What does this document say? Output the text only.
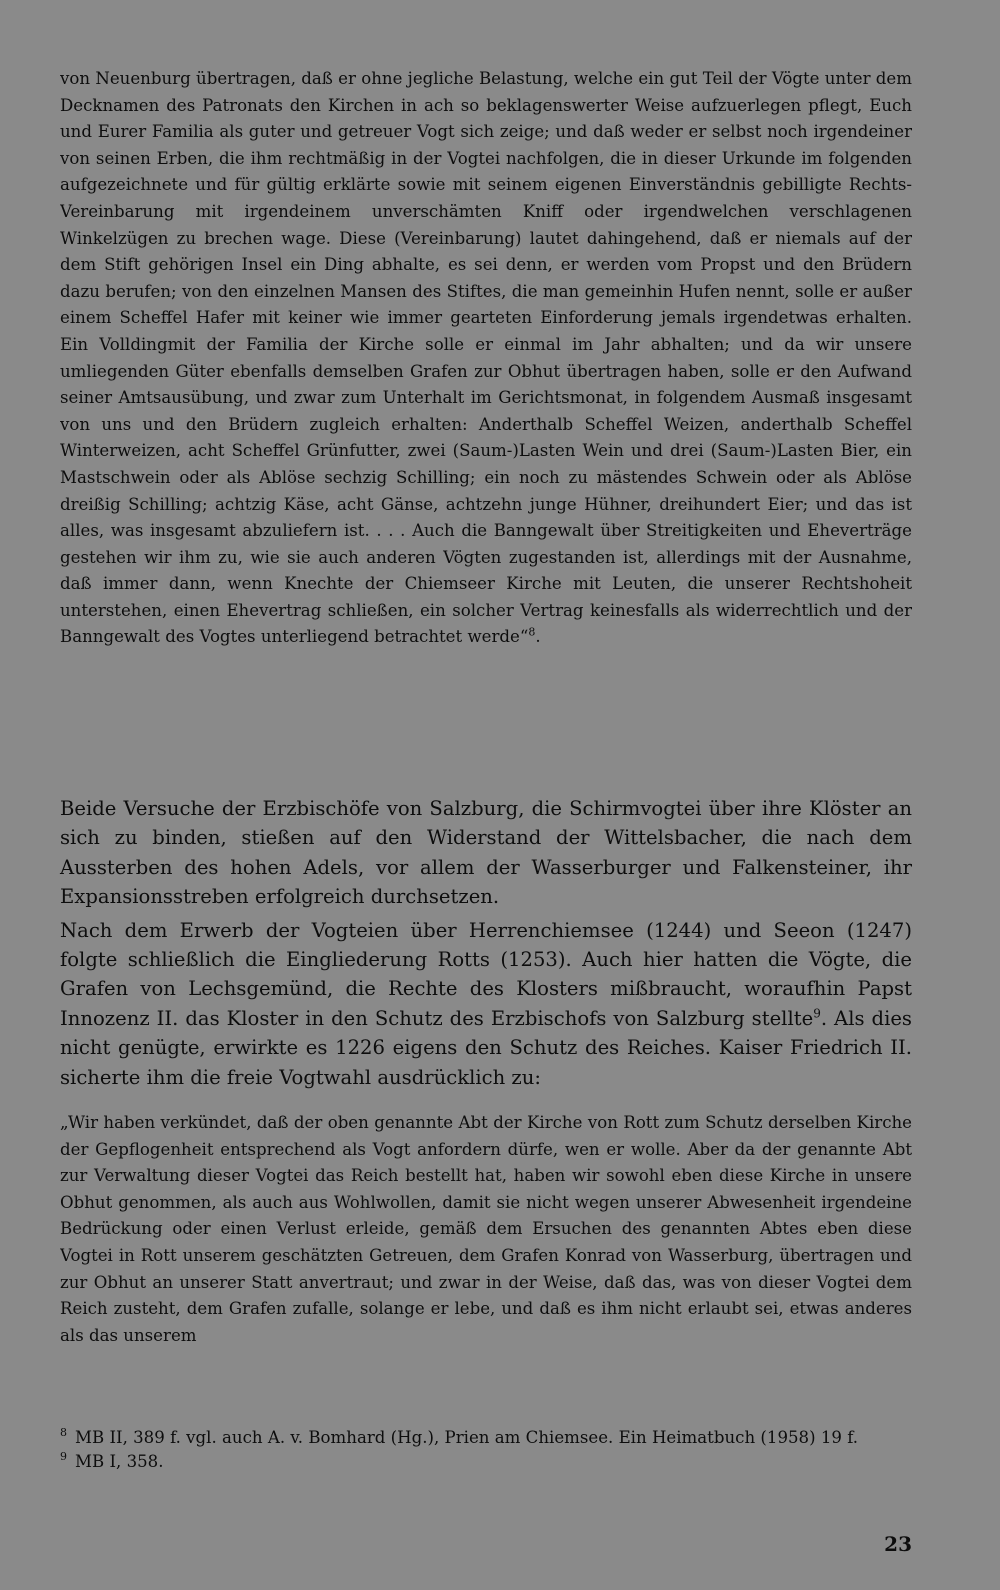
von Neuenburg übertragen, daß er ohne jegliche Belastung, welche ein gut Teil der Vögte unter dem Decknamen des Patronats den Kirchen in ach so beklagenswerter Weise aufzuerlegen pflegt, Euch und Eurer Familia als guter und getreuer Vogt sich zeige; und daß weder er selbst noch irgendeiner von seinen Erben, die ihm rechtmäßig in der Vogtei nachfolgen, die in dieser Urkunde im folgenden aufgezeichnete und für gültig erklärte sowie mit seinem eigenen Einverständnis gebilligte Rechts-Vereinbarung mit irgendeinem unverschämten Kniff oder irgendwelchen verschlagenen Winkelzügen zu brechen wage. Diese (Vereinbarung) lautet dahingehend, daß er niemals auf der dem Stift gehörigen Insel ein Ding abhalte, es sei denn, er werden vom Propst und den Brüdern dazu berufen; von den einzelnen Mansen des Stiftes, die man gemeinhin Hufen nennt, solle er außer einem Scheffel Hafer mit keiner wie immer gearteten Einforderung jemals irgendetwas erhalten. Ein Volldingmit der Familia der Kirche solle er einmal im Jahr abhalten; und da wir unsere umliegenden Güter ebenfalls demselben Grafen zur Obhut übertragen haben, solle er den Aufwand seiner Amtsausübung, und zwar zum Unterhalt im Gerichtsmonat, in folgendem Ausmaß insgesamt von uns und den Brüdern zugleich erhalten: Anderthalb Scheffel Weizen, anderthalb Scheffel Winterweizen, acht Scheffel Grünfutter, zwei (Saum-)Lasten Wein und drei (Saum-)Lasten Bier, ein Mastschwein oder als Ablöse sechzig Schilling; ein noch zu mästendes Schwein oder als Ablöse dreißig Schilling; achtzig Käse, acht Gänse, achtzehn junge Hühner, dreihundert Eier; und das ist alles, was insgesamt abzuliefern ist. . . . Auch die Banngewalt über Streitigkeiten und Eheverträge gestehen wir ihm zu, wie sie auch anderen Vögten zugestanden ist, allerdings mit der Ausnahme, daß immer dann, wenn Knechte der Chiemseer Kirche mit Leuten, die unserer Rechtshoheit unterstehen, einen Ehevertrag schließen, ein solcher Vertrag keinesfalls als widerrechtlich und der Banngewalt des Vogtes unterliegend betrachtet werde“$^8$.

Beide Versuche der Erzbischöfe von Salzburg, die Schirmvogtei über ihre Klöster an sich zu binden, stießen auf den Widerstand der Wittelsbacher, die nach dem Aussterben des hohen Adels, vor allem der Wasserburger und Falkensteiner, ihr Expansionsstreben erfolgreich durchsetzen.

Nach dem Erwerb der Vogteien über Herrenchiemsee (1244) und Seeon (1247) folgte schließlich die Eingliederung Rotts (1253). Auch hier hatten die Vögte, die Grafen von Lechsgemünd, die Rechte des Klosters mißbraucht, woraufhin Papst Innozenz II. das Kloster in den Schutz des Erzbischofs von Salzburg stellte$^9$. Als dies nicht genügte, erwirkte es 1226 eigens den Schutz des Reiches. Kaiser Friedrich II. sicherte ihm die freie Vogtwahl ausdrücklich zu:

„Wir haben verkündet, daß der oben genannte Abt der Kirche von Rott zum Schutz derselben Kirche der Gepflogenheit entsprechend als Vogt anfordern dürfe, wen er wolle. Aber da der genannte Abt zur Verwaltung dieser Vogtei das Reich bestellt hat, haben wir sowohl eben diese Kirche in unsere Obhut genommen, als auch aus Wohlwollen, damit sie nicht wegen unserer Abwesenheit irgendeine Bedrückung oder einen Verlust erleide, gemäß dem Ersuchen des genannten Abtes eben diese Vogtei in Rott unserem geschätzten Getreuen, dem Grafen Konrad von Wasserburg, übertragen und zur Obhut an unserer Statt anvertraut; und zwar in der Weise, daß das, was von dieser Vogtei dem Reich zusteht, dem Grafen zufalle, solange er lebe, und daß es ihm nicht erlaubt sei, etwas anderes als das unserem

$^8$ MB II, 389 f. vgl. auch A. v. Bomhard (Hg.), Prien am Chiemsee. Ein Heimatbuch (1958) 19 f.

$^9$ MB I, 358.

23
